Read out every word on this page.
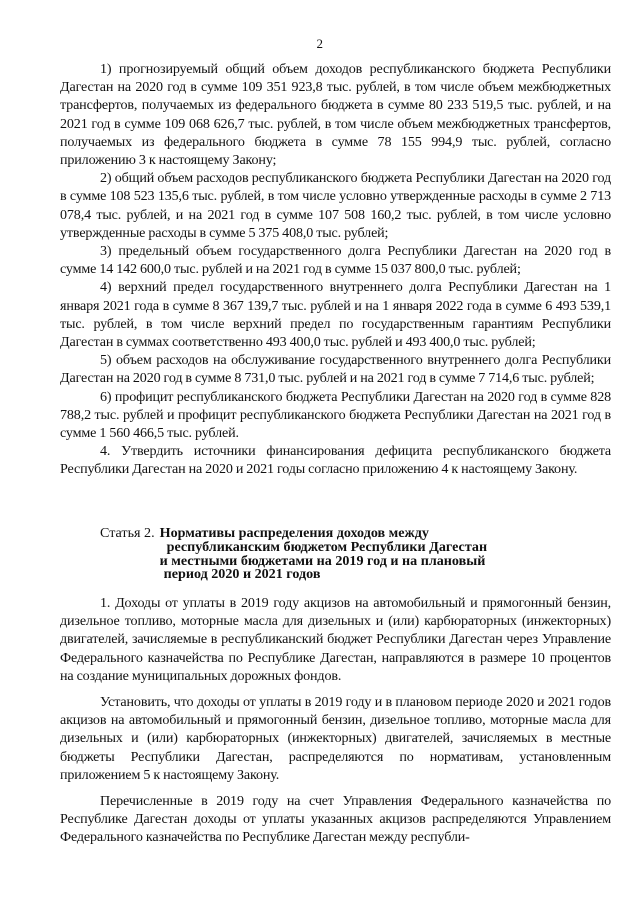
2

1) прогнозируемый общий объем доходов республиканского бюджета Республики Дагестан на 2020 год в сумме 109 351 923,8 тыс. рублей, в том числе объем межбюджетных трансфертов, получаемых из федерального бюджета в сумме 80 233 519,5 тыс. рублей, и на 2021 год в сумме 109 068 626,7 тыс. рублей, в том числе объем межбюджетных трансфертов, получаемых из федерального бюджета в сумме 78 155 994,9 тыс. рублей, согласно приложению 3 к настоящему Закону;

2) общий объем расходов республиканского бюджета Республики Дагестан на 2020 год в сумме 108 523 135,6 тыс. рублей, в том числе условно утвержденные расходы в сумме 2 713 078,4 тыс. рублей, и на 2021 год в сумме 107 508 160,2 тыс. рублей, в том числе условно утвержденные расходы в сумме 5 375 408,0 тыс. рублей;

3) предельный объем государственного долга Республики Дагестан на 2020 год в сумме 14 142 600,0 тыс. рублей и на 2021 год в сумме 15 037 800,0 тыс. рублей;

4) верхний предел государственного внутреннего долга Республики Дагестан на 1 января 2021 года в сумме 8 367 139,7 тыс. рублей и на 1 января 2022 года в сумме 6 493 539,1 тыс. рублей, в том числе верхний предел по государственным гарантиям Республики Дагестан в суммах соответственно 493 400,0 тыс. рублей и 493 400,0 тыс. рублей;

5) объем расходов на обслуживание государственного внутреннего долга Республики Дагестан на 2020 год в сумме 8 731,0 тыс. рублей и на 2021 год в сумме 7 714,6 тыс. рублей;

6) профицит республиканского бюджета Республики Дагестан на 2020 год в сумме 828 788,2 тыс. рублей и профицит республиканского бюджета Республики Дагестан на 2021 год в сумме 1 560 466,5 тыс. рублей.

4. Утвердить источники финансирования дефицита республиканского бюджета Республики Дагестан на 2020 и 2021 годы согласно приложению 4 к настоящему Закону.

Статья 2. Нормативы распределения доходов между
республиканским бюджетом Республики Дагестан
и местными бюджетами на 2019 год и на плановый
период 2020 и 2021 годов

1. Доходы от уплаты в 2019 году акцизов на автомобильный и прямогонный бензин, дизельное топливо, моторные масла для дизельных и (или) карбюраторных (инжекторных) двигателей, зачисляемые в республиканский бюджет Республики Дагестан через Управление Федерального казначейства по Республике Дагестан, направляются в размере 10 процентов на создание муниципальных дорожных фондов.

Установить, что доходы от уплаты в 2019 году и в плановом периоде 2020 и 2021 годов акцизов на автомобильный и прямогонный бензин, дизельное топливо, моторные масла для дизельных и (или) карбюраторных (инжекторных) двигателей, зачисляемых в местные бюджеты Республики Дагестан, распределяются по нормативам, установленным приложением 5 к настоящему Закону.

Перечисленные в 2019 году на счет Управления Федерального казначейства по Республике Дагестан доходы от уплаты указанных акцизов распределяются Управлением Федерального казначейства по Республике Дагестан между республи-
